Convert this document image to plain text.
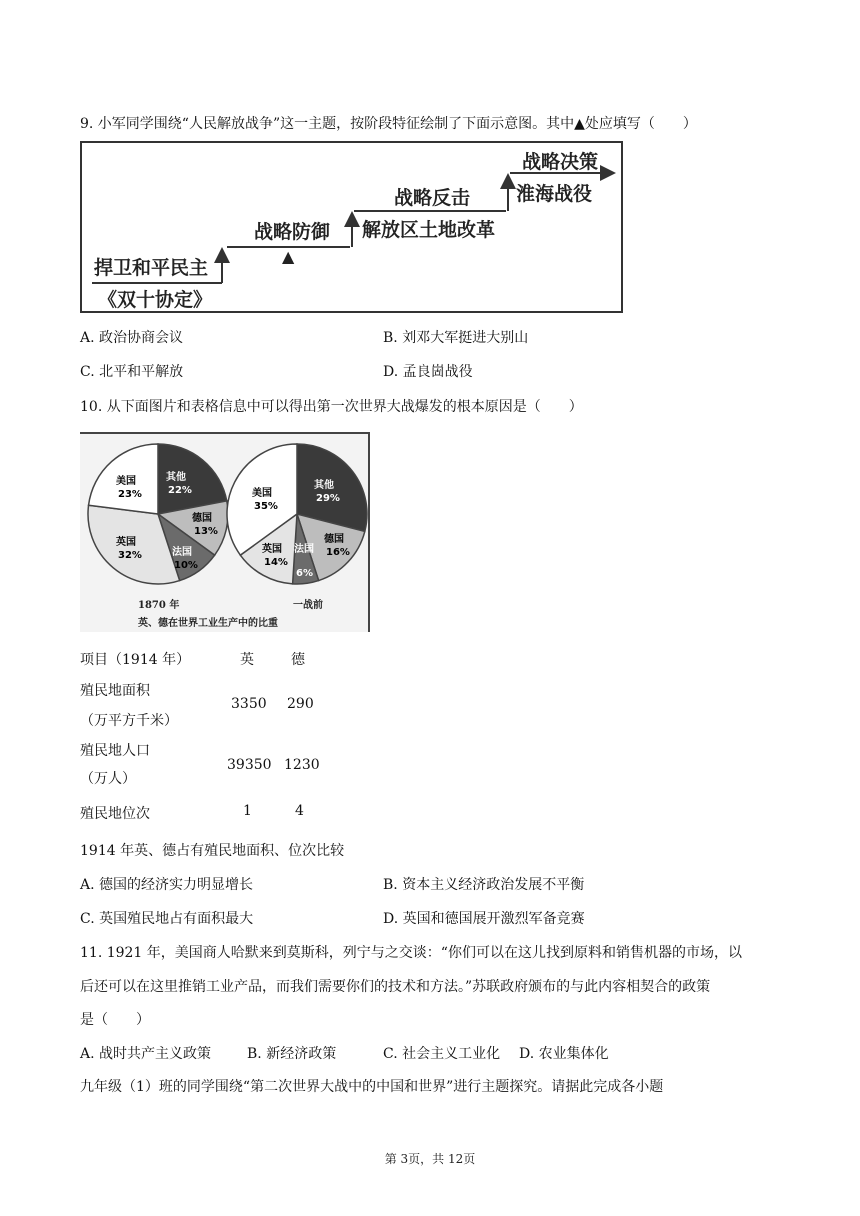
9. 小军同学围绕“人民解放战争”这一主题，按阶段特征绘制了下面示意图。其中▲处应填写（　　）
捍卫和平民主
《双十协定》
战略防御
▲
战略反击
解放区土地改革
战略决策
淮海战役
A. 政治协商会议	B. 刘邓大军挺进大别山
C. 北平和平解放	D. 孟良崮战役
10. 从下面图片和表格信息中可以得出第一次世界大战爆发的根本原因是（　　）
美国
23%
其他
22%
德国
13%
法国
10%
英国
32%
美国
35%
其他
29%
德国
16%
法国
6%
英国
14%
1870 年	一战前
英、德在世界工业生产中的比重
项目（1914 年）	英	德
殖民地面积
（万平方千米）
3350 290
殖民地人口
（万人）
39350 1230
殖民地位次	1	4
1914 年英、德占有殖民地面积、位次比较
A. 德国的经济实力明显增长	B. 资本主义经济政治发展不平衡
C. 英国殖民地占有面积最大	D. 英国和德国展开激烈军备竞赛
11. 1921 年，美国商人哈默来到莫斯科，列宁与之交谈：“你们可以在这儿找到原料和销售机器的市场，以
后还可以在这里推销工业产品，而我们需要你们的技术和方法。”苏联政府颁布的与此内容相契合的政策
是（　　）
A. 战时共产主义政策	B. 新经济政策	C. 社会主义工业化 D. 农业集体化
九年级（1）班的同学围绕“第二次世界大战中的中国和世界”进行主题探究。请据此完成各小题
第 3页，共 12页
